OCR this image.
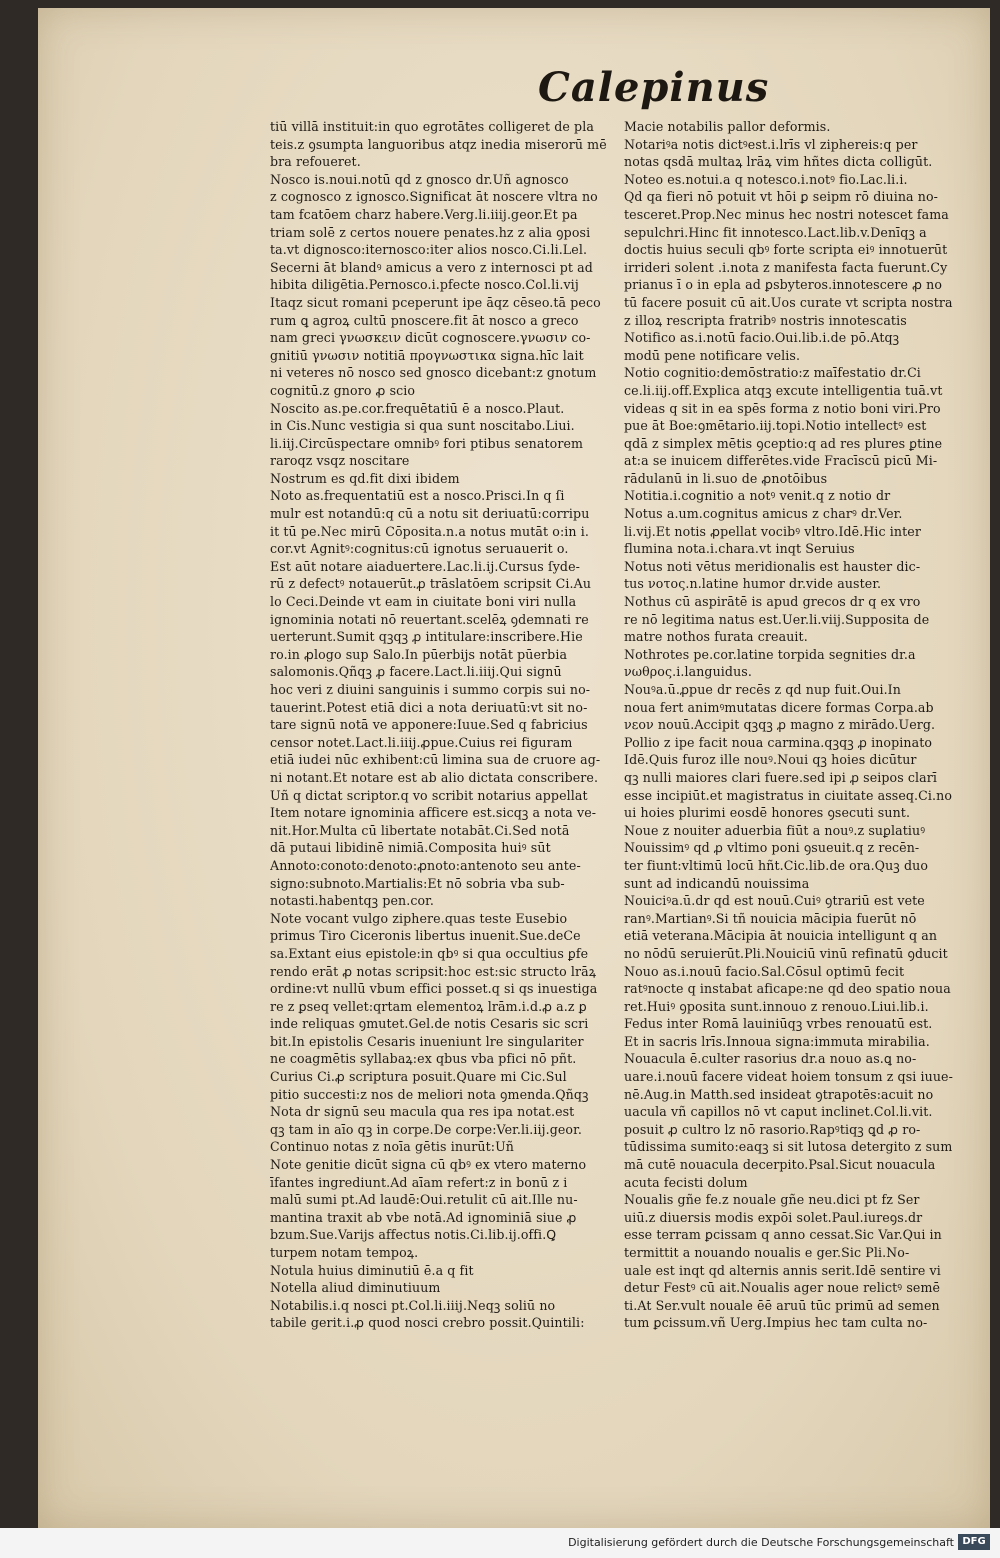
Calepinus
tiū villā instituit:in quo egrotātes colligeret de pla
teis.z ꝯsumpta languoribus atqz inedia miserorū mē
bra refoueret.
Nosco is.noui.notū qd z gnosco dr.Uñ agnosco
z cognosco z ignosco.Significat āt noscere vltra no
tam fcatōem charz habere.Verg.li.iiij.geor.Et pa
triam solē z certos nouere penates.hz z alia ꝯposi
ta.vt dignosco:iternosco:iter alios nosco.Ci.li.Lel.
Secerni āt blandꝰ amicus a vero z internosci pt ad
hibita diligētia.Pernosco.i.pfecte nosco.Col.li.vij
Itaqz sicut romani pceperunt ipe āqz cēseo.tā peco
rum ꝗ agroꝝ cultū pnoscere.fit āt nosco a greco
nam greci γνωσκειν dicūt cognoscere.γνωσιν co-
gnitiū γνωσιν notitiā προγνωστικα signa.hīc lait
ni veteres nō nosco sed gnosco dicebant:z gnotum
cognitū.z gnoro ꝓ scio
Noscito as.pe.cor.frequētatiū ē a nosco.Plaut.
in Cis.Nunc vestigia si qua sunt noscitabo.Liui.
li.iij.Circūspectare omnibꝰ fori ptibus senatorem
raroqz vsqz noscitare
Nostrum es qd.fit dixi ibidem
Noto as.frequentatiū est a nosco.Prisci.In q ſi
mulr est notandū:q cū a notu sit deriuatū:corripu
it tū pe.Nec mirū Cōposita.n.a notus mutāt o:in i.
cor.vt Agnitꝰ:cognitus:cū ignotus seruauerit o.
Est aūt notare aiaduertere.Lac.li.ij.Cursus ſyde-
rū z defectꝰ notauerūt.ꝓ trāslatōem scripsit Ci.Au
lo Ceci.Deinde vt eam in ciuitate boni viri nulla
ignominia notati nō reuertant.scelēꝝ ꝯdemnati re
uerterunt.Sumit qꝫqꝫ ꝓ intitulare:inscribere.Hie
ro.in ꝓlogo sup Salo.In pūerbijs notāt pūerbia
salomonis.Qñqꝫ ꝓ facere.Lact.li.iiij.Qui signū
hoc veri z diuini sanguinis i summo corpis sui no-
tauerint.Potest etiā dici a nota deriuatū:vt sit no-
tare signū notā ve apponere:Iuue.Sed q fabricius
censor notet.Lact.li.iiij.ꝓpue.Cuius rei figuram
etiā iudei nūc exhibent:cū limina sua de cruore ag-
ni notant.Et notare est ab alio dictata conscribere.
Uñ q dictat scriptor.q vo scribit notarius appellat
Item notare ignominia afficere est.sicqꝫ a nota ve-
nit.Hor.Multa cū libertate notabāt.Ci.Sed notā
dā putaui libidinē nimiā.Composita huiꝰ sūt
Annoto:conoto:denoto:ꝓnoto:antenoto seu ante-
signo:subnoto.Martialis:Et nō sobria vba sub-
notasti.habentqꝫ pen.cor.
Note vocant vulgo ziphere.quas teste Eusebio
primus Tiro Ciceronis libertus inuenit.Sue.deCe
sa.Extant eius epistole:in qbꝰ si qua occultius ꝑfe
rendo erāt ꝓ notas scripsit:hoc est:sic structo lrāꝝ
ordine:vt nullū vbum effici posset.q si qs inuestiga
re z ꝑseq vellet:qrtam elementoꝝ lrām.i.d.ꝓ a.z ꝑ
inde reliquas ꝯmutet.Gel.de notis Cesaris sic scri
bit.In epistolis Cesaris inueniunt lre singulariter
ne coagmētis syllabaꝝ:ex qbus vba pfici nō pñt.
Curius Ci.ꝓ scriptura posuit.Quare mi Cic.Sul
pitio succesti:z nos de meliori nota ꝯmenda.Qñqꝫ
Nota dr signū seu macula qua res ipa notat.est
qꝫ tam in aīo qꝫ in corpe.De corpe:Ver.li.iij.geor.
Continuo notas z noīa gētis inurūt:Uñ
Note genitie dicūt signa cū qbꝰ ex vtero materno
īfantes ingrediunt.Ad aīam refert:z in bonū z i
malū sumi pt.Ad laudē:Oui.retulit cū ait.Ille nu-
mantina traxit ab vbe notā.Ad ignominiā siue ꝓ
bzum.Sue.Varijs affectus notis.Ci.lib.ij.offi.Ꝗ
turpem notam tempoꝝ.
Notula huius diminutiū ē.a q fit
Notella aliud diminutiuum
Notabilis.i.q nosci pt.Col.li.iiij.Neqꝫ soliū no
tabile gerit.i.ꝓ quod nosci crebro possit.Quintili:
Macie notabilis pallor deformis.
Notariꝰa notis dictꝰest.i.lrīs vl ziphereis:q per
notas qsdā multaꝝ lrāꝝ vim hñtes dicta colligūt.
Noteo es.notui.a q notesco.i.notꝰ fio.Lac.li.i.
Qd qa fieri nō potuit vt hōi ꝑ seipm rō diuina no-
tesceret.Prop.Nec minus hec nostri notescet fama
sepulchri.Hinc fit innotesco.Lact.lib.v.Denīqꝫ a
doctis huius seculi qbꝰ forte scripta eiꝰ innotuerūt
irrideri solent .i.nota z manifesta facta fuerunt.Cy
prianus ī o in epla ad ꝑsbyteros.innotescere ꝓ no
tū facere posuit cū ait.Uos curate vt scripta nostra
z illoꝝ rescripta fratribꝰ nostris innotescatis
Notifico as.i.notū facio.Oui.lib.i.de pō.Atqꝫ
modū pene notificare velis.
Notio cognitio:demōstratio:z maīfestatio dr.Ci
ce.li.iij.off.Explica atqꝫ excute intelligentia tuā.vt
videas q sit in ea spēs forma z notio boni viri.Pro
pue āt Boe:ꝯmētario.iij.topi.Notio intellectꝰ est
qdā z simplex mētis ꝯceptio:q ad res plures ꝑtine
at:a se inuicem differētes.vide Fracīscū picū Mi-
rādulanū in li.suo de ꝓnotōibus
Notitia.i.cognitio a notꝰ venit.q z notio dr
Notus a.um.cognitus amicus z charꝰ dr.Ver.
li.vij.Et notis ꝓpellat vocibꝰ vltro.Idē.Hic inter
flumina nota.i.chara.vt inqt Seruius
Notus noti vētus meridionalis est hauster dic-
tus νοτος.n.latine humor dr.vide auster.
Nothus cū aspirātē is apud grecos dr q ex vro
re nō legitima natus est.Uer.li.viij.Supposita de
matre nothos furata creauit.
Nothrotes pe.cor.latine torpida segnities dr.a
νωθρος.i.languidus.
Nouꝰa.ū.ꝓpue dr recēs z qd nup fuit.Oui.In
noua fert animꝰmutatas dicere formas Corpa.ab
νεον nouū.Accipit qꝫqꝫ ꝓ magno z mirādo.Uerg.
Pollio z ipe facit noua carmina.qꝫqꝫ ꝓ inopinato
Idē.Quis furoz ille nouꝰ.Noui qꝫ hoies dicūtur
qꝫ nulli maiores clari fuere.sed ipi ꝓ seipos clarī
esse incipiūt.et magistratus in ciuitate asseq.Ci.no
ui hoies plurimi eosdē honores ꝯsecuti sunt.
Noue z nouiter aduerbia fiūt a nouꝰ.z suꝑlatiuꝰ
Nouissimꝰ qd ꝓ vltimo poni ꝯsueuit.q z recēn-
ter fiunt:vltimū locū hñt.Cic.lib.de ora.Quꝫ duo
sunt ad indicandū nouissima
Nouiciꝰa.ū.dr qd est nouū.Cuiꝰ ꝯtrariū est vete
ranꝰ.Martianꝰ.Si tñ nouicia mācipia fuerūt nō
etiā veterana.Mācipia āt nouicia intelligunt q an
no nōdū seruierūt.Pli.Nouiciū vinū refinatū ꝯducit
Nouo as.i.nouū facio.Sal.Cōsul optimū fecit
ratꝰnocte q instabat aficape:ne qd deo spatio noua
ret.Huiꝰ ꝯposita sunt.innouo z renouo.Liui.lib.i.
Fedus inter Romā lauiniūqꝫ vrbes renouatū est.
Et in sacris lrīs.Innoua signa:immuta mirabilia.
Nouacula ē.culter rasorius dr.a nouo as.ꝗ no-
uare.i.nouū facere videat hoiem tonsum z qsi iuue-
nē.Aug.in Matth.sed insideat ꝯtrapotēs:acuit no
uacula vñ capillos nō vt caput inclinet.Col.li.vit.
posuit ꝓ cultro lz nō rasorio.Rapꝰtiqꝫ ꝗd ꝓ ro-
tūdissima sumito:eaqꝫ si sit lutosa detergito z sum
mā cutē nouacula decerpito.Psal.Sicut nouacula
acuta fecisti dolum
Noualis gñe fe.z nouale gñe neu.dici pt fz Ser
uiū.z diuersis modis expōi solet.Paul.iureꝯs.dr
esse terram ꝑcissam q anno cessat.Sic Var.Qui in
termittit a nouando noualis e ger.Sic Pli.No-
uale est inqt qd alternis annis serit.Idē sentire vi
detur Festꝰ cū ait.Noualis ager noue relictꝰ semē
ti.At Ser.vult nouale ēē aruū tūc primū ad semen
tum ꝑcissum.vñ Uerg.Impius hec tam culta no-
Digitalisierung gefördert durch die Deutsche Forschungsgemeinschaft DFG
